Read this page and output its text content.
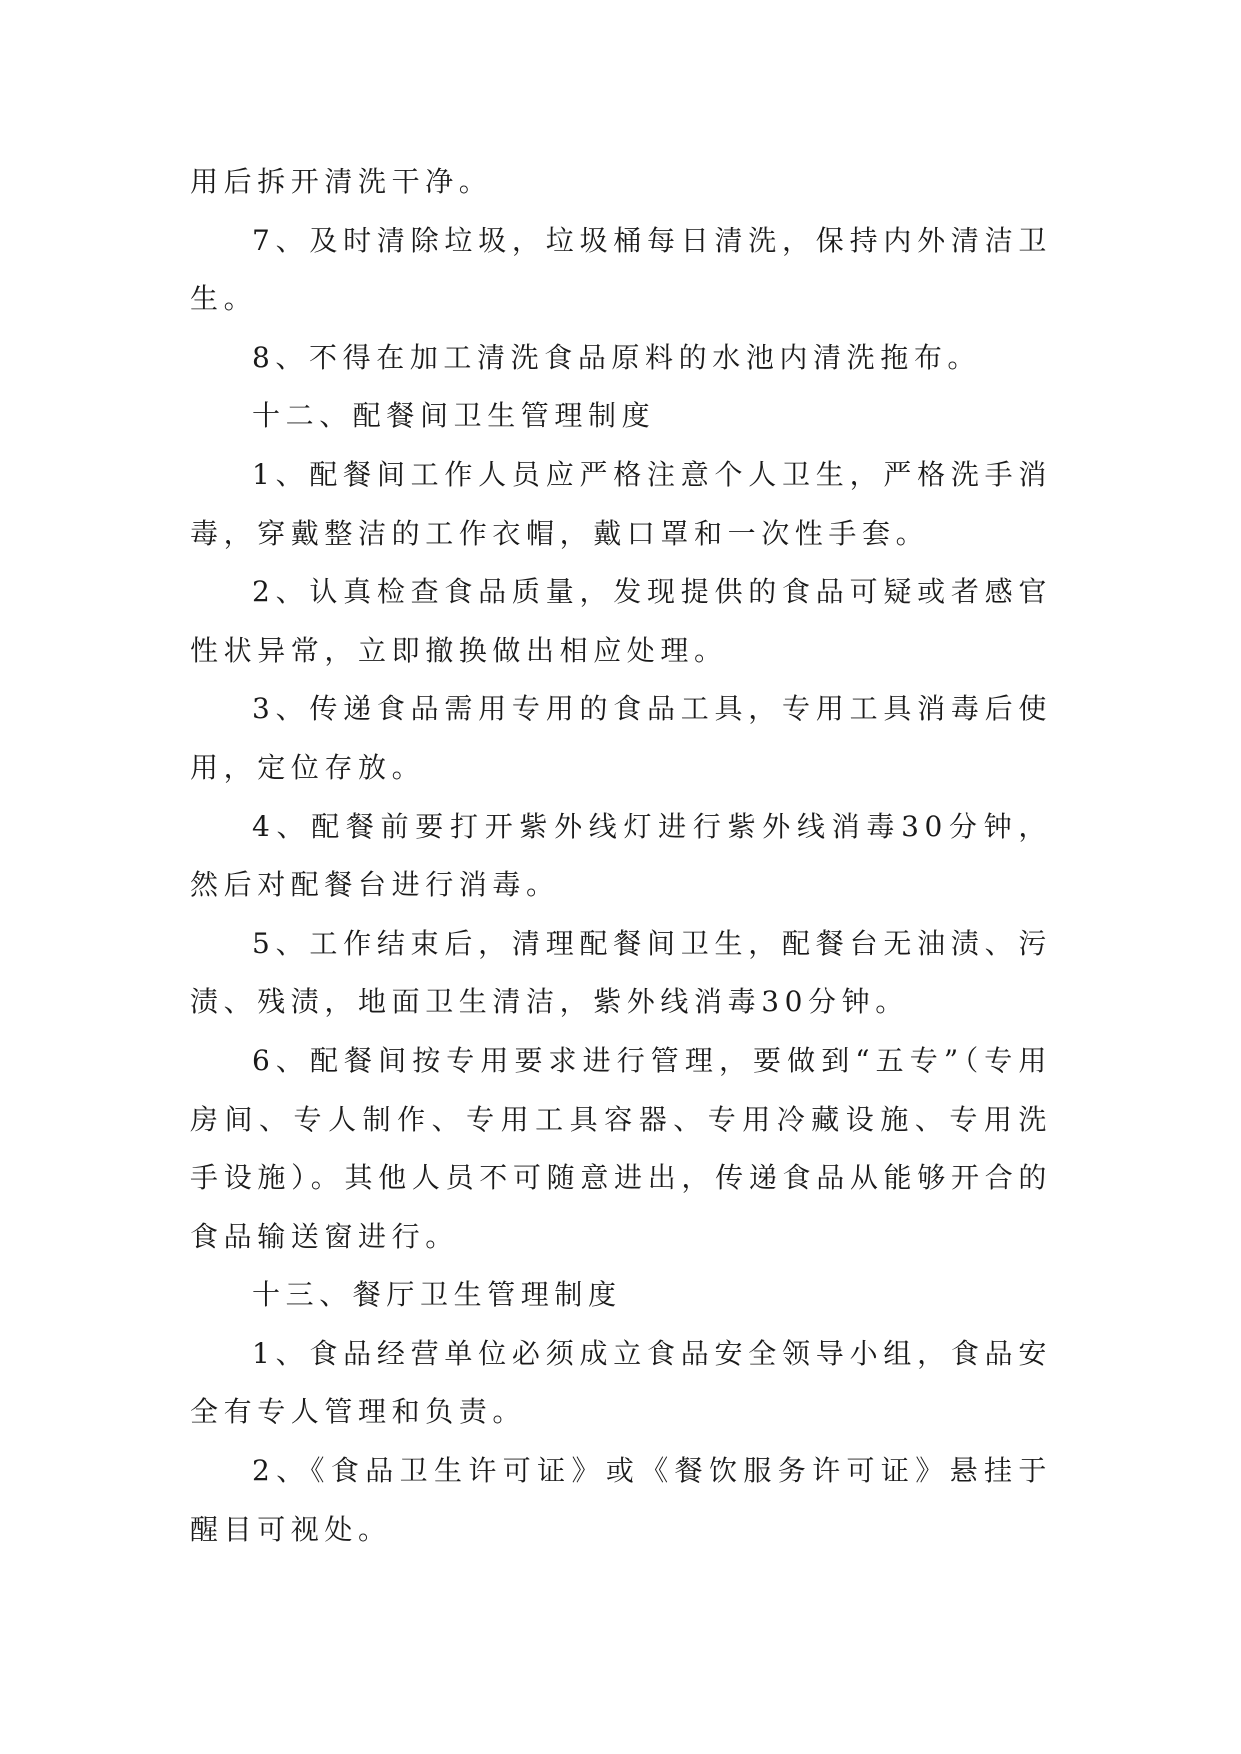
用后拆开清洗干净。

7、及时清除垃圾，垃圾桶每日清洗，保持内外清洁卫生。

8、不得在加工清洗食品原料的水池内清洗拖布。

十二、配餐间卫生管理制度

1、配餐间工作人员应严格注意个人卫生，严格洗手消毒，穿戴整洁的工作衣帽，戴口罩和一次性手套。

2、认真检查食品质量，发现提供的食品可疑或者感官性状异常，立即撤换做出相应处理。

3、传递食品需用专用的食品工具，专用工具消毒后使用，定位存放。

4、配餐前要打开紫外线灯进行紫外线消毒30分钟，然后对配餐台进行消毒。

5、工作结束后，清理配餐间卫生，配餐台无油渍、污渍、残渍，地面卫生清洁，紫外线消毒30分钟。

6、配餐间按专用要求进行管理，要做到“五专”（专用房间、专人制作、专用工具容器、专用冷藏设施、专用洗手设施）。其他人员不可随意进出，传递食品从能够开合的食品输送窗进行。

十三、餐厅卫生管理制度

1、食品经营单位必须成立食品安全领导小组，食品安全有专人管理和负责。

2、《食品卫生许可证》或《餐饮服务许可证》悬挂于醒目可视处。
